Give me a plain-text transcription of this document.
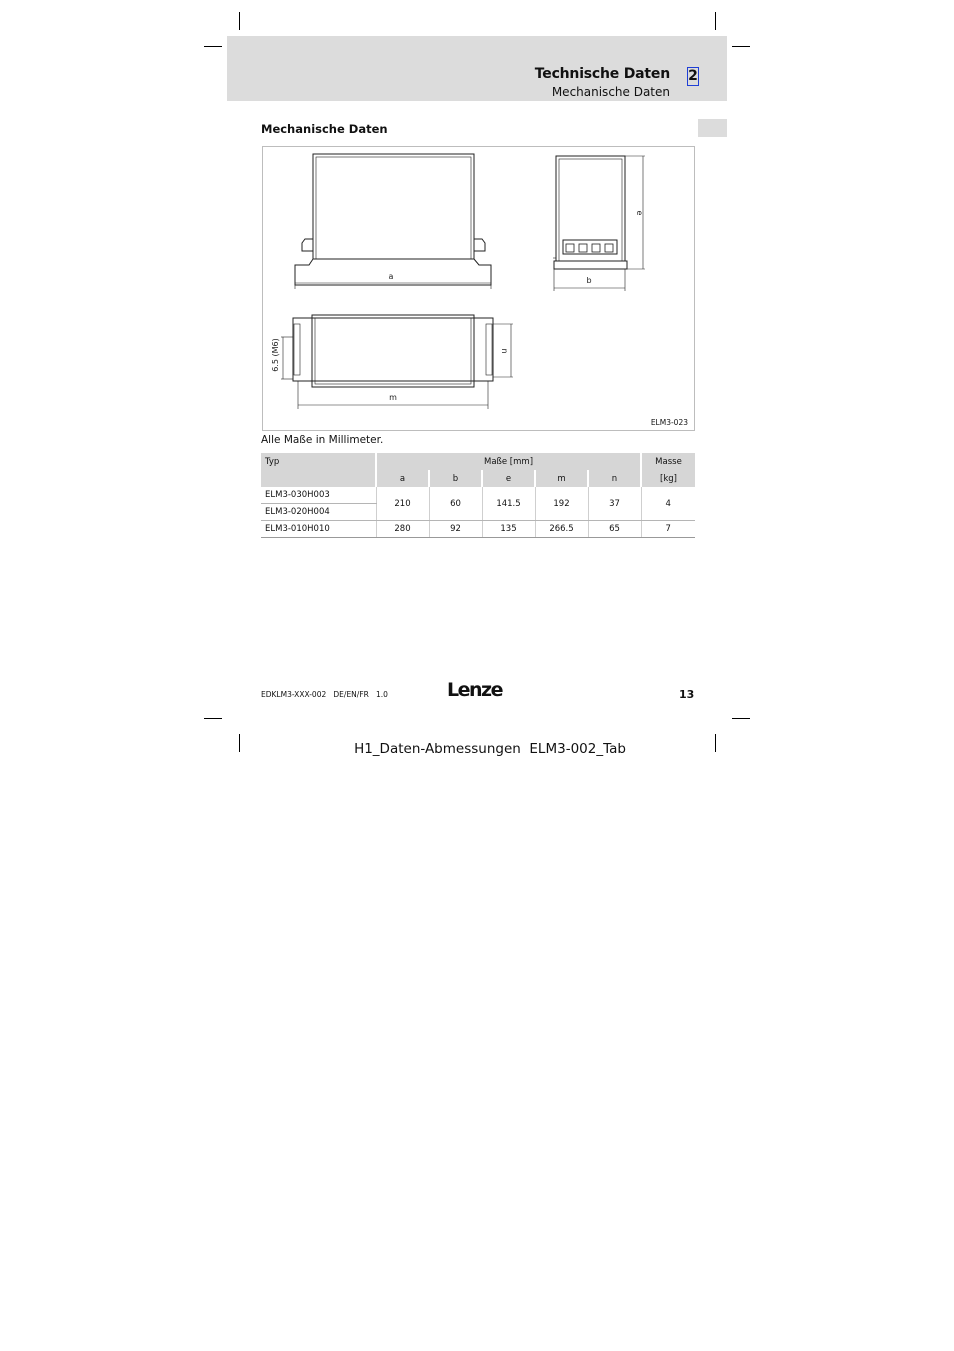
Technische Daten
Mechanische Daten
2
Mechanische Daten
a	b
e
m
n
6.5 (M6)
ELM3-023
Alle Maße in Millimeter.
Typ	Maße [mm]					Masse
	a	b	e	m	n	[kg]
ELM3-030H003	210	60	141.5	192	37	4
ELM3-020H004						
ELM3-010H010	280	92	135	266.5	65	7
EDKLM3-XXX-002   DE/EN/FR   1.0	Lenze	13
H1_Daten-Abmessungen  ELM3-002_Tab
